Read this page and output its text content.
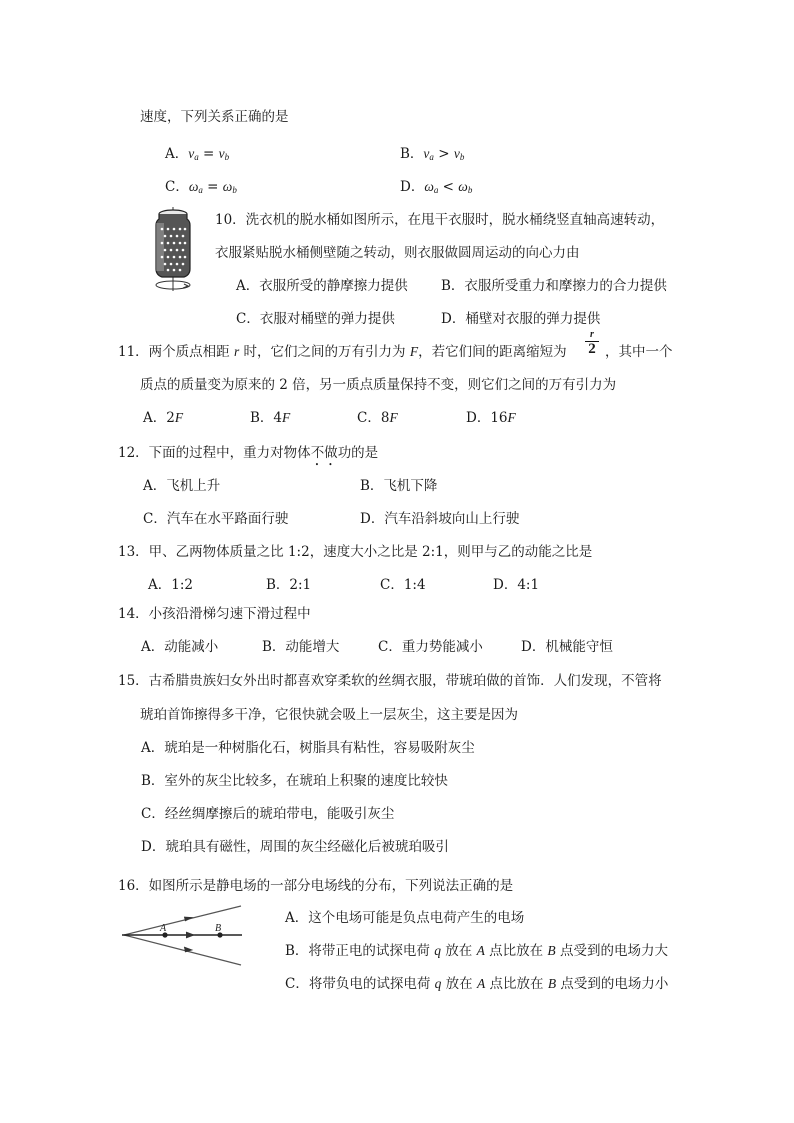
速度，下列关系正确的是
A．$v_a = v_b$	B．$v_a > v_b$
C．$\omega_a = \omega_b$	D．$\omega_a < \omega_b$
10．洗衣机的脱水桶如图所示，在甩干衣服时，脱水桶绕竖直轴高速转动，
衣服紧贴脱水桶侧壁随之转动，则衣服做圆周运动的向心力由
A．衣服所受的静摩擦力提供 B．衣服所受重力和摩擦力的合力提供
C．衣服对桶壁的弹力提供	D．桶壁对衣服的弹力提供
11．两个质点相距 r 时，它们之间的万有引力为 F，若它们间的距离缩短为
r
2 ，其中一个
质点的质量变为原来的 2 倍，另一质点质量保持不变，则它们之间的万有引力为
A．2F	B．4F	C．8F	D．16F
12．下面的过程中，重力对物体不做功的是
A．飞机上升	B．飞机下降
C．汽车在水平路面行驶	D．汽车沿斜坡向山上行驶
13．甲、乙两物体质量之比 1:2，速度大小之比是 2:1，则甲与乙的动能之比是
A．1:2	B．2:1	C．1:4	D．4:1
14．小孩沿滑梯匀速下滑过程中
A．动能减小	B．动能增大	C．重力势能减小	D．机械能守恒
15．古希腊贵族妇女外出时都喜欢穿柔软的丝绸衣服，带琥珀做的首饰．人们发现，不管将
琥珀首饰擦得多干净，它很快就会吸上一层灰尘，这主要是因为
A．琥珀是一种树脂化石，树脂具有粘性，容易吸附灰尘
B．室外的灰尘比较多，在琥珀上积聚的速度比较快
C．经丝绸摩擦后的琥珀带电，能吸引灰尘
D．琥珀具有磁性，周围的灰尘经磁化后被琥珀吸引
16．如图所示是静电场的一部分电场线的分布，下列说法正确的是
A	B
A．这个电场可能是负点电荷产生的电场
B．将带正电的试探电荷 q 放在 A 点比放在 B 点受到的电场力大
C．将带负电的试探电荷 q 放在 A 点比放在 B 点受到的电场力小
